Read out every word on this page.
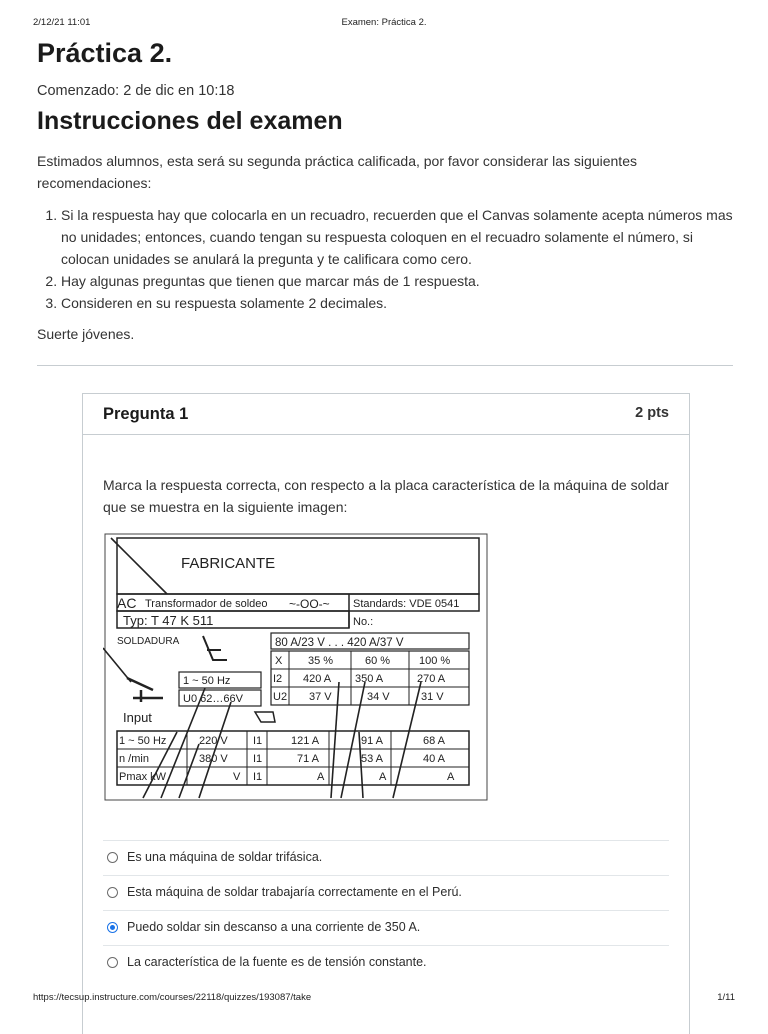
2/12/21 11:01	Examen: Práctica 2.
Práctica 2.
Comenzado: 2 de dic en 10:18
Instrucciones del examen
Estimados alumnos, esta será su segunda práctica calificada, por favor considerar las siguientes recomendaciones:
1. Si la respuesta hay que colocarla en un recuadro, recuerden que el Canvas solamente acepta números mas no unidades; entonces, cuando tengan su respuesta coloquen en el recuadro solamente el número, si colocan unidades se anulará la pregunta y te calificara como cero.
2. Hay algunas preguntas que tienen que marcar más de 1 respuesta.
3. Consideren en su respuesta solamente 2 decimales.
Suerte jóvenes.
Pregunta 1	2 pts
Marca la respuesta correcta, con respecto a la placa característica de la máquina de soldar que se muestra en la siguiente imagen:
FABRICANTE
AC Transformador de soldeo ~-OO-~ Standards: VDE 0541
Typ: T 47 K 511	No.:
SOLDADURA	80 A/23 V . . . 420 A/37 V
X 35 %	60 %	100 %
I2 420 A 350 A	270 A
U2 37 V	34 V	31 V
1 ~ 50 Hz
U0 62…66V
Input
1 ~ 50 Hz	220 V I1	121 A	91 A	68 A
n /min	380 V I1	71 A	53 A	40 A
Pmax kW	V I1	A	A	A
Es una máquina de soldar trifásica.
Esta máquina de soldar trabajaría correctamente en el Perú.
Puedo soldar sin descanso a una corriente de 350 A.
La característica de la fuente es de tensión constante.
https://tecsup.instructure.com/courses/22118/quizzes/193087/take	1/11
